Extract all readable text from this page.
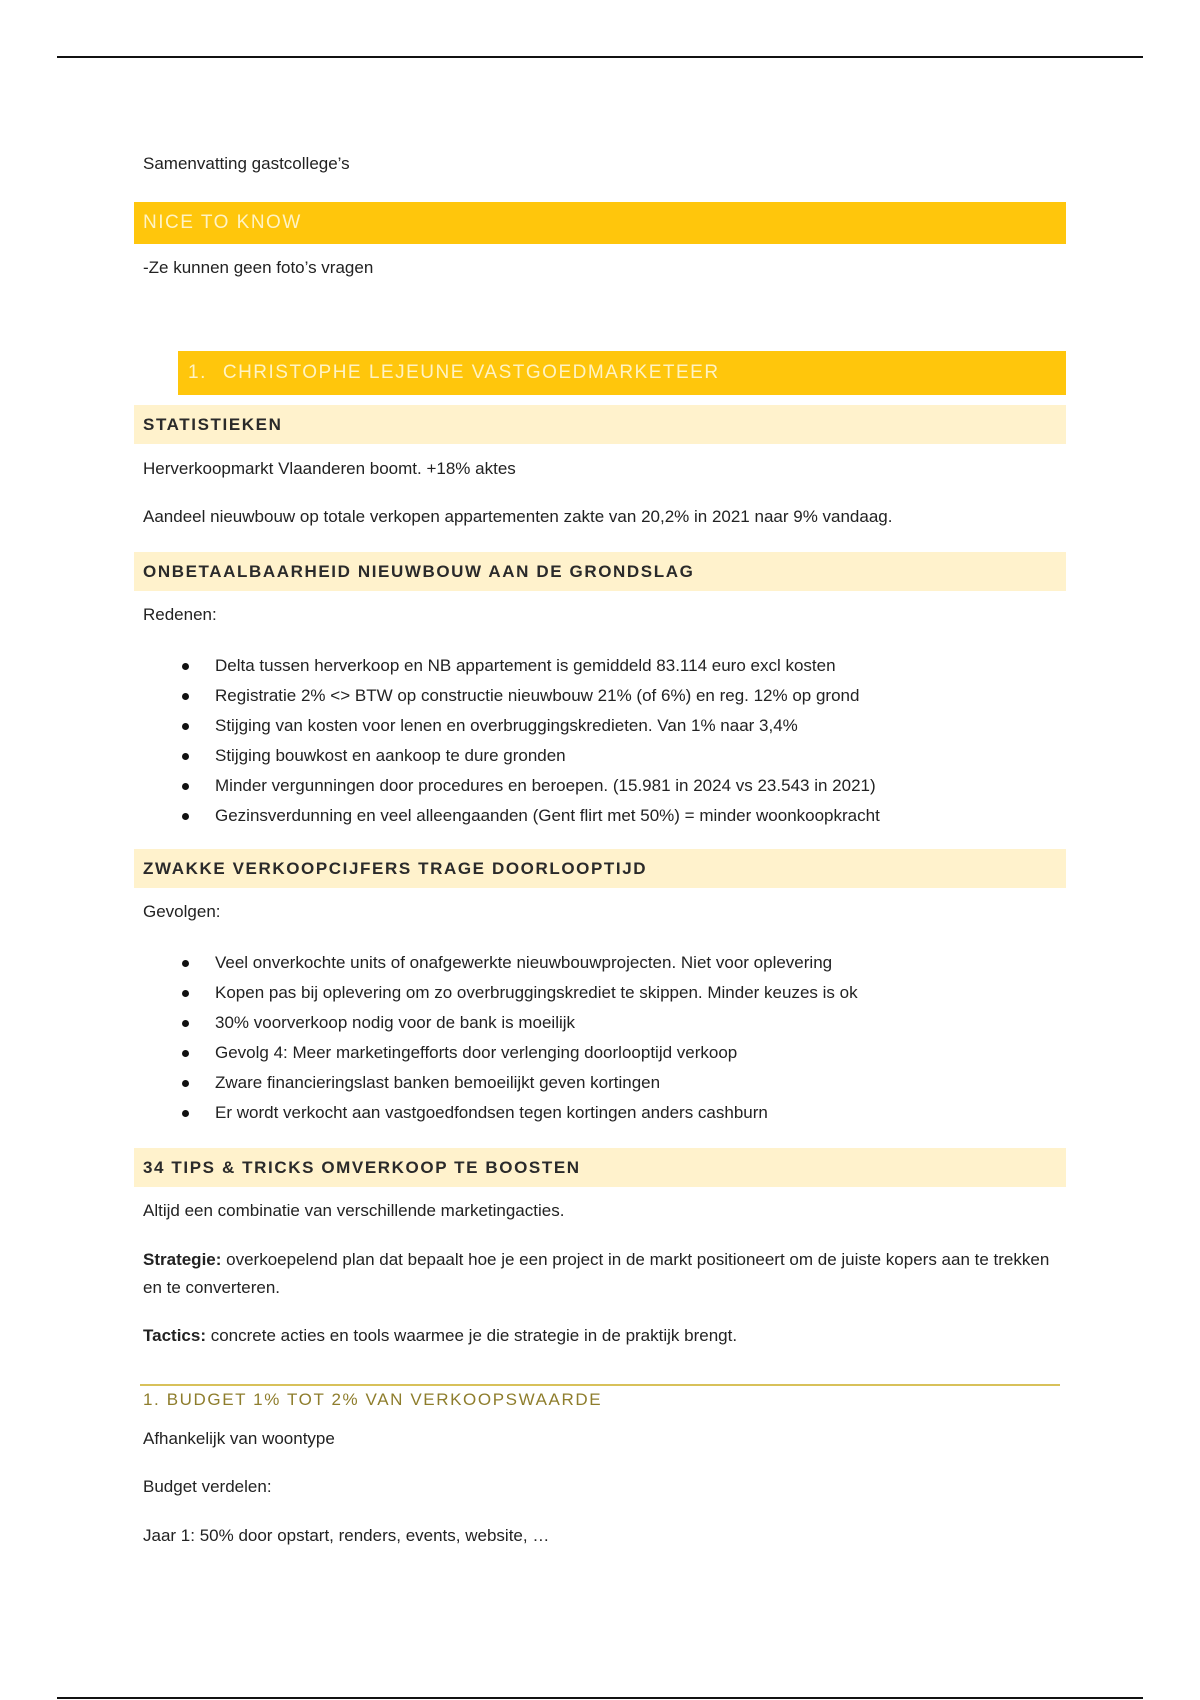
Samenvatting gastcollege’s
NICE TO KNOW
-Ze kunnen geen foto’s vragen
1. CHRISTOPHE LEJEUNE VASTGOEDMARKETEER
STATISTIEKEN
Herverkoopmarkt Vlaanderen boomt. +18% aktes
Aandeel nieuwbouw op totale verkopen appartementen zakte van 20,2% in 2021 naar 9% vandaag.
ONBETAALBAARHEID NIEUWBOUW AAN DE GRONDSLAG
Redenen:
Delta tussen herverkoop en NB appartement is gemiddeld 83.114 euro excl kosten
Registratie 2% <> BTW op constructie nieuwbouw 21% (of 6%) en reg. 12% op grond
Stijging van kosten voor lenen en overbruggingskredieten. Van 1% naar 3,4%
Stijging bouwkost en aankoop te dure gronden
Minder vergunningen door procedures en beroepen. (15.981 in 2024 vs 23.543 in 2021)
Gezinsverdunning en veel alleengaanden (Gent flirt met 50%) = minder woonkoopkracht
ZWAKKE VERKOOPCIJFERS TRAGE DOORLOOPTIJD
Gevolgen:
Veel onverkochte units of onafgewerkte nieuwbouwprojecten. Niet voor oplevering
Kopen pas bij oplevering om zo overbruggingskrediet te skippen. Minder keuzes is ok
30% voorverkoop nodig voor de bank is moeilijk
Gevolg 4: Meer marketingefforts door verlenging doorlooptijd verkoop
Zware financieringslast banken bemoeilijkt geven kortingen
Er wordt verkocht aan vastgoedfondsen tegen kortingen anders cashburn
34 TIPS & TRICKS OMVERKOOP TE BOOSTEN
Altijd een combinatie van verschillende marketingacties.
Strategie: overkoepelend plan dat bepaalt hoe je een project in de markt positioneert om de juiste kopers aan te trekken en te converteren.
Tactics: concrete acties en tools waarmee je die strategie in de praktijk brengt.
1. BUDGET 1% TOT 2% VAN VERKOOPSWAARDE
Afhankelijk van woontype
Budget verdelen:
Jaar 1: 50% door opstart, renders, events, website, …
